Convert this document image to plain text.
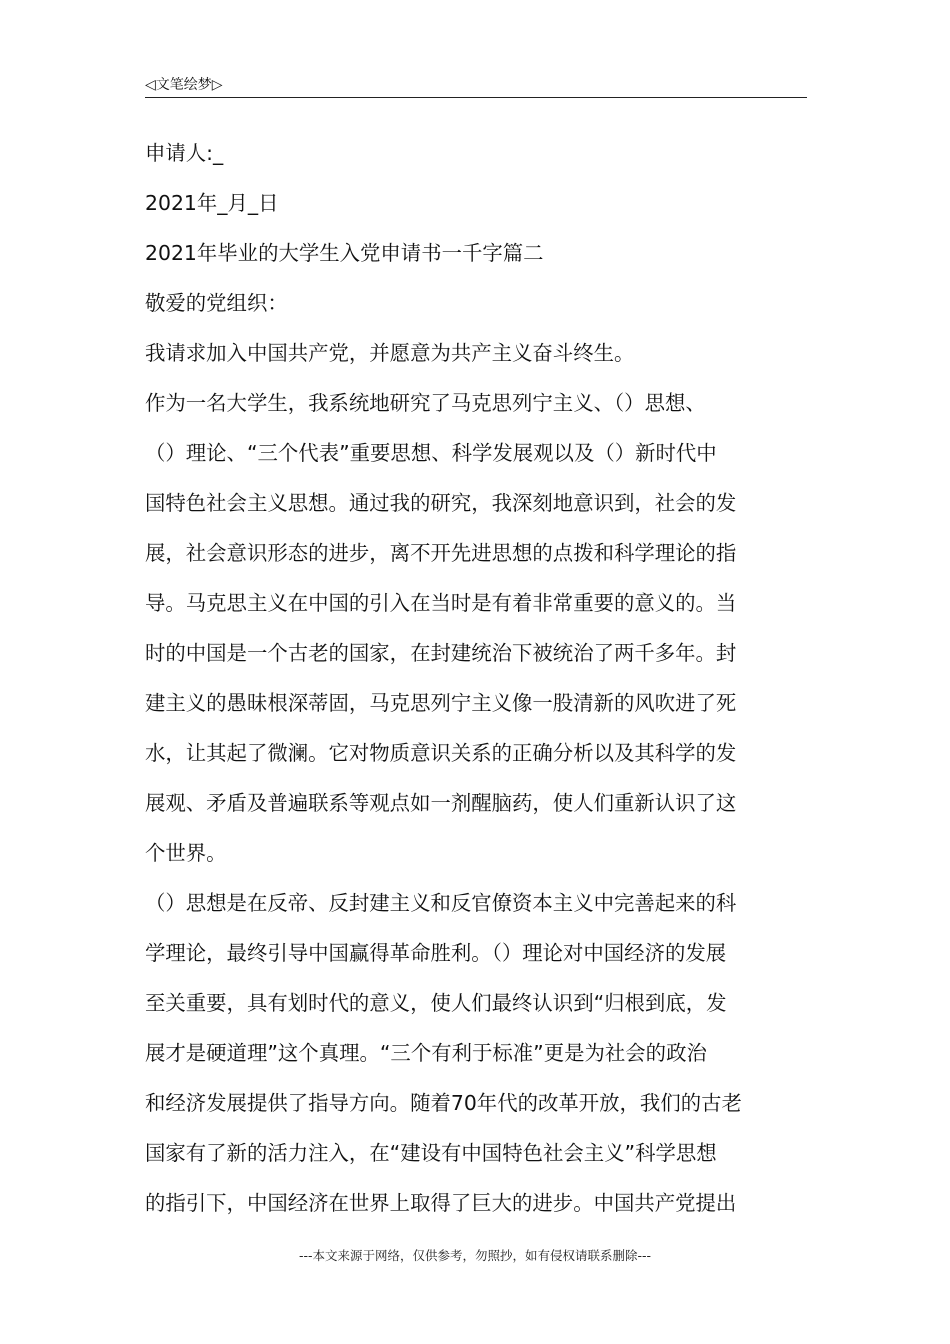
◁文笔绘梦▷
申请人:_
2021年_月_日
2021年毕业的大学生入党申请书一千字篇二
敬爱的党组织：
我请求加入中国共产党，并愿意为共产主义奋斗终生。
作为一名大学生，我系统地研究了马克思列宁主义、（）思想、
（）理论、“三个代表”重要思想、科学发展观以及（）新时代中
国特色社会主义思想。通过我的研究，我深刻地意识到，社会的发
展，社会意识形态的进步，离不开先进思想的点拨和科学理论的指
导。马克思主义在中国的引入在当时是有着非常重要的意义的。当
时的中国是一个古老的国家，在封建统治下被统治了两千多年。封
建主义的愚昧根深蒂固，马克思列宁主义像一股清新的风吹进了死
水，让其起了微澜。它对物质意识关系的正确分析以及其科学的发
展观、矛盾及普遍联系等观点如一剂醒脑药，使人们重新认识了这
个世界。
（）思想是在反帝、反封建主义和反官僚资本主义中完善起来的科
学理论，最终引导中国赢得革命胜利。（）理论对中国经济的发展
至关重要，具有划时代的意义，使人们最终认识到“归根到底，发
展才是硬道理”这个真理。“三个有利于标准”更是为社会的政治
和经济发展提供了指导方向。随着70年代的改革开放，我们的古老
国家有了新的活力注入，在“建设有中国特色社会主义”科学思想
的指引下，中国经济在世界上取得了巨大的进步。中国共产党提出
---本文来源于网络，仅供参考，勿照抄，如有侵权请联系删除---
